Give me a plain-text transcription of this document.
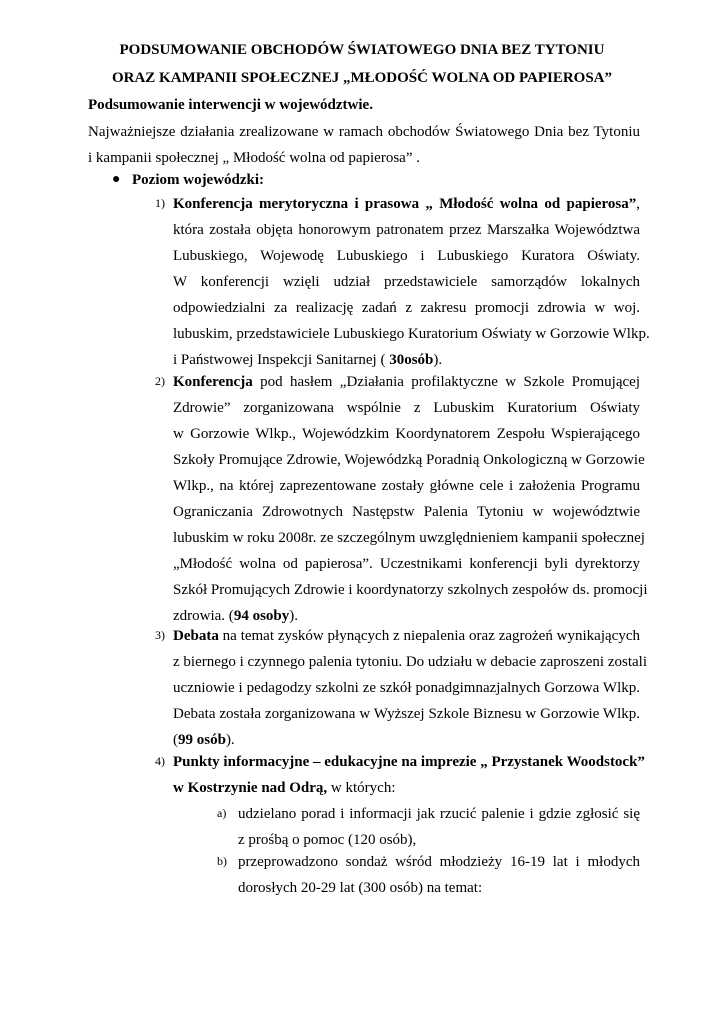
PODSUMOWANIE OBCHODÓW ŚWIATOWEGO DNIA BEZ TYTONIU
ORAZ KAMPANII SPOŁECZNEJ „MŁODOŚĆ WOLNA OD PAPIEROSA”
Podsumowanie interwencji w województwie.
Najważniejsze działania zrealizowane w ramach obchodów Światowego Dnia bez Tytoniu
i kampanii społecznej „ Młodość wolna od papierosa” .
● Poziom wojewódzki:
1) Konferencja merytoryczna i prasowa „ Młodość wolna od papierosa”,
która została objęta honorowym patronatem przez Marszałka Województwa
Lubuskiego, Wojewodę Lubuskiego i Lubuskiego Kuratora Oświaty.
W konferencji wzięli udział przedstawiciele samorządów lokalnych
odpowiedzialni za realizację zadań z zakresu promocji zdrowia w woj.
lubuskim, przedstawiciele Lubuskiego Kuratorium Oświaty w Gorzowie Wlkp.
i Państwowej Inspekcji Sanitarnej ( 30osób).
2) Konferencja pod hasłem „Działania profilaktyczne w Szkole Promującej
Zdrowie” zorganizowana wspólnie z Lubuskim Kuratorium Oświaty
w Gorzowie Wlkp., Wojewódzkim Koordynatorem Zespołu Wspierającego
Szkoły Promujące Zdrowie, Wojewódzką Poradnią Onkologiczną w Gorzowie
Wlkp., na której zaprezentowane zostały główne cele i założenia Programu
Ograniczania Zdrowotnych Następstw Palenia Tytoniu w województwie
lubuskim w roku 2008r. ze szczególnym uwzględnieniem kampanii społecznej
„Młodość wolna od papierosa”. Uczestnikami konferencji byli dyrektorzy
Szkół Promujących Zdrowie i koordynatorzy szkolnych zespołów ds. promocji
zdrowia. (94 osoby).
3) Debata na temat zysków płynących z niepalenia oraz zagrożeń wynikających
z biernego i czynnego palenia tytoniu. Do udziału w debacie zaproszeni zostali
uczniowie i pedagodzy szkolni ze szkół ponadgimnazjalnych Gorzowa Wlkp.
Debata została zorganizowana w Wyższej Szkole Biznesu w Gorzowie Wlkp.
(99 osób).
4) Punkty informacyjne – edukacyjne na imprezie „ Przystanek Woodstock”
w Kostrzynie nad Odrą, w których:
a) udzielano porad i informacji jak rzucić palenie i gdzie zgłosić się
z prośbą o pomoc (120 osób),
b) przeprowadzono sondaż wśród młodzieży 16-19 lat i młodych
dorosłych 20-29 lat (300 osób) na temat:
